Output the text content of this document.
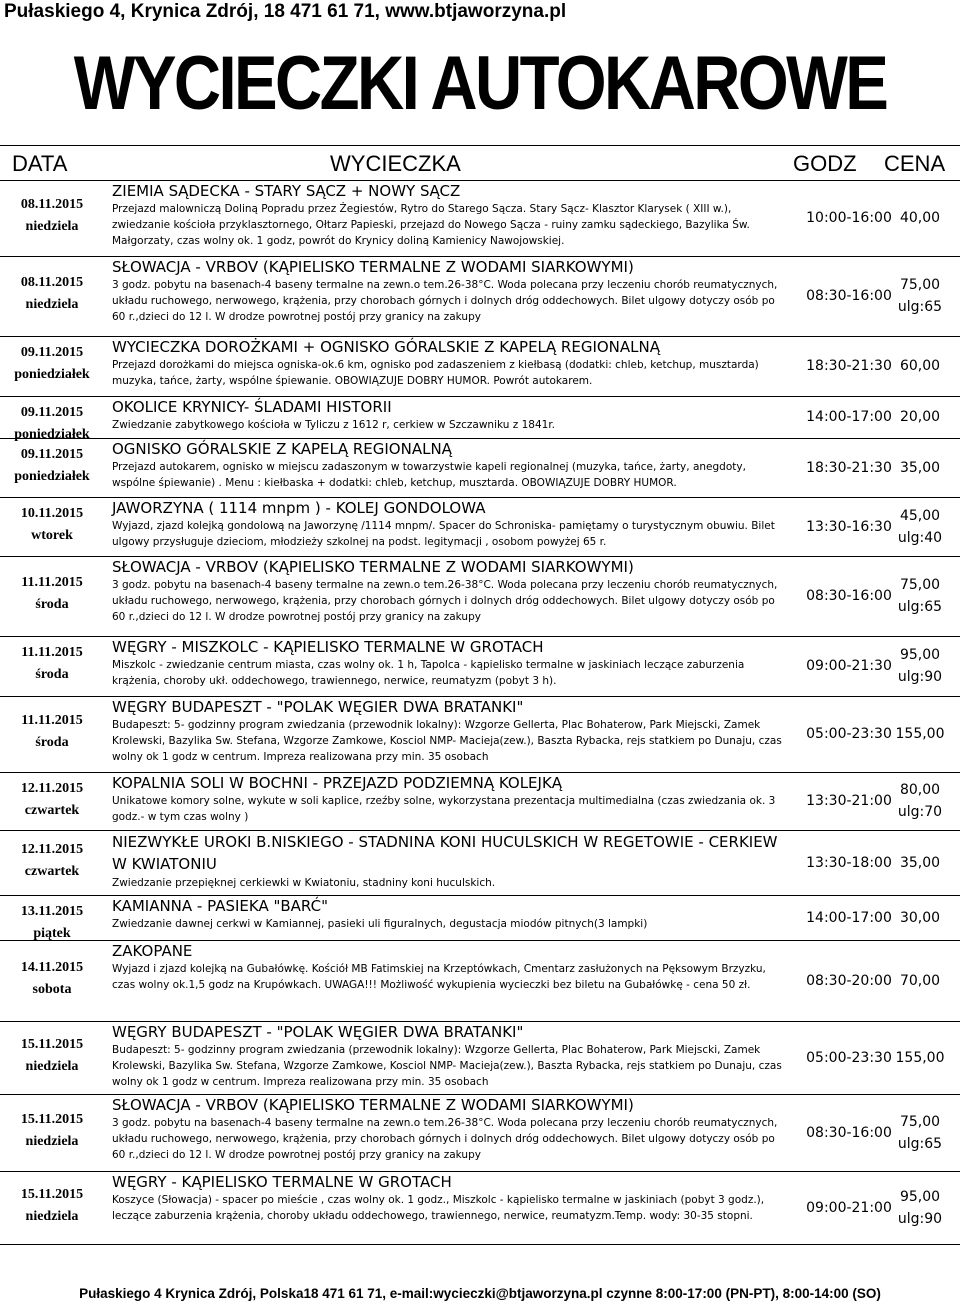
Pułaskiego 4, Krynica Zdrój, 18 471 61 71, www.btjaworzyna.pl
WYCIECZKI AUTOKAROWE
DATA	WYCIECZKA	GODZ CENA
08.11.2015
niedziela
ZIEMIA SĄDECKA - STARY SĄCZ + NOWY SĄCZ
Przejazd malowniczą Doliną Popradu przez Żegiestów, Rytro do Starego Sącza. Stary Sącz- Klasztor Klarysek ( XIII w.), zwiedzanie kościoła przyklasztornego, Ołtarz Papieski, przejazd do Nowego Sącza - ruiny zamku sądeckiego, Bazylika Św. Małgorzaty, czas wolny ok. 1 godz, powrót do Krynicy doliną Kamienicy Nawojowskiej.
10:00-16:00 40,00
08.11.2015
niedziela
SŁOWACJA - VRBOV (KĄPIELISKO TERMALNE Z WODAMI SIARKOWYMI)
3 godz. pobytu na basenach-4 baseny termalne na zewn.o tem.26-38°C. Woda polecana przy leczeniu chorób reumatycznych, układu ruchowego, nerwowego, krążenia, przy chorobach górnych i dolnych dróg oddechowych. Bilet ulgowy dotyczy osób po 60 r.,dzieci do 12 l. W drodze powrotnej postój przy granicy na zakupy
08:30-16:00
75,00
ulg:65
09.11.2015
poniedziałek
WYCIECZKA DOROŻKAMI + OGNISKO GÓRALSKIE Z KAPELĄ REGIONALNĄ
Przejazd dorożkami do miejsca ogniska-ok.6 km, ognisko pod zadaszeniem z kiełbasą (dodatki: chleb, ketchup, musztarda) muzyka, tańce, żarty, wspólne śpiewanie. OBOWIĄZUJE DOBRY HUMOR. Powrót autokarem.
18:30-21:30 60,00
09.11.2015
poniedziałek
OKOLICE KRYNICY- ŚLADAMI HISTORII
Zwiedzanie zabytkowego kościoła w Tyliczu z 1612 r, cerkiew w Szczawniku z 1841r.	14:00-17:00 20,00
09.11.2015
poniedziałek
OGNISKO GÓRALSKIE Z KAPELĄ REGIONALNĄ
Przejazd autokarem, ognisko w miejscu zadaszonym w towarzystwie kapeli regionalnej (muzyka, tańce, żarty, anegdoty, wspólne śpiewanie) . Menu : kiełbaska + dodatki: chleb, ketchup, musztarda. OBOWIĄZUJE DOBRY HUMOR.
18:30-21:30 35,00
10.11.2015
wtorek
JAWORZYNA ( 1114 mnpm ) - KOLEJ GONDOLOWA
Wyjazd, zjazd kolejką gondolową na Jaworzynę /1114 mnpm/. Spacer do Schroniska- pamiętamy o turystycznym obuwiu. Bilet ulgowy przysługuje dzieciom, młodzieży szkolnej na podst. legitymacji , osobom powyżej 65 r.
13:30-16:30
45,00
ulg:40
11.11.2015
środa
SŁOWACJA - VRBOV (KĄPIELISKO TERMALNE Z WODAMI SIARKOWYMI)
3 godz. pobytu na basenach-4 baseny termalne na zewn.o tem.26-38°C. Woda polecana przy leczeniu chorób reumatycznych, układu ruchowego, nerwowego, krążenia, przy chorobach górnych i dolnych dróg oddechowych. Bilet ulgowy dotyczy osób po 60 r.,dzieci do 12 l. W drodze powrotnej postój przy granicy na zakupy
08:30-16:00
75,00
ulg:65
11.11.2015
środa
WĘGRY - MISZKOLC - KĄPIELISKO TERMALNE W GROTACH
Miszkolc - zwiedzanie centrum miasta, czas wolny ok. 1 h, Tapolca - kąpielisko termalne w jaskiniach leczące zaburzenia krążenia, choroby ukł. oddechowego, trawiennego, nerwice, reumatyzm (pobyt 3 h).
09:00-21:30
95,00
ulg:90
11.11.2015
środa
WĘGRY BUDAPESZT - "POLAK WĘGIER DWA BRATANKI"
Budapeszt: 5- godzinny program zwiedzania (przewodnik lokalny): Wzgorze Gellerta, Plac Bohaterow, Park Miejscki, Zamek Krolewski, Bazylika Sw. Stefana, Wzgorze Zamkowe, Kosciol NMP- Macieja(zew.), Baszta Rybacka, rejs statkiem po Dunaju, czas wolny ok 1 godz w centrum. Impreza realizowana przy min. 35 osobach
05:00-23:30 155,00
12.11.2015
czwartek
KOPALNIA SOLI W BOCHNI - PRZEJAZD PODZIEMNĄ KOLEJKĄ
Unikatowe komory solne, wykute w soli kaplice, rzeźby solne, wykorzystana prezentacja multimedialna (czas zwiedzania ok. 3 godz.- w tym czas wolny )
13:30-21:00
80,00
ulg:70
12.11.2015
czwartek
NIEZWYKŁE UROKI B.NISKIEGO - STADNINA KONI HUCULSKICH W REGETOWIE - CERKIEW W KWIATONIU
Zwiedzanie przepięknej cerkiewki w Kwiatoniu, stadniny koni huculskich.
13:30-18:00 35,00
13.11.2015
piątek
KAMIANNA - PASIEKA "BARĆ"
Zwiedzanie dawnej cerkwi w Kamiannej, pasieki uli figuralnych, degustacja miodów pitnych(3 lampki)	14:00-17:00 30,00
14.11.2015
sobota
ZAKOPANE
Wyjazd i zjazd kolejką na Gubałówkę. Kościół MB Fatimskiej na Krzeptówkach, Cmentarz zasłużonych na Pęksowym Brzyzku, czas wolny ok.1,5 godz na Krupówkach. UWAGA!!! Możliwość wykupienia wycieczki bez biletu na Gubałówkę - cena 50 zł.	08:30-20:00 70,00
15.11.2015
niedziela
WĘGRY BUDAPESZT - "POLAK WĘGIER DWA BRATANKI"
Budapeszt: 5- godzinny program zwiedzania (przewodnik lokalny): Wzgorze Gellerta, Plac Bohaterow, Park Miejscki, Zamek Krolewski, Bazylika Sw. Stefana, Wzgorze Zamkowe, Kosciol NMP- Macieja(zew.), Baszta Rybacka, rejs statkiem po Dunaju, czas wolny ok 1 godz w centrum. Impreza realizowana przy min. 35 osobach
05:00-23:30 155,00
15.11.2015
niedziela
SŁOWACJA - VRBOV (KĄPIELISKO TERMALNE Z WODAMI SIARKOWYMI)
3 godz. pobytu na basenach-4 baseny termalne na zewn.o tem.26-38°C. Woda polecana przy leczeniu chorób reumatycznych, układu ruchowego, nerwowego, krążenia, przy chorobach górnych i dolnych dróg oddechowych. Bilet ulgowy dotyczy osób po 60 r.,dzieci do 12 l. W drodze powrotnej postój przy granicy na zakupy
08:30-16:00
75,00
ulg:65
15.11.2015
niedziela
WĘGRY - KĄPIELISKO TERMALNE W GROTACH
Koszyce (Słowacja) - spacer po mieście , czas wolny ok. 1 godz., Miszkolc - kąpielisko termalne w jaskiniach (pobyt 3 godz.), leczące zaburzenia krążenia, choroby układu oddechowego, trawiennego, nerwice, reumatyzm.Temp. wody: 30-35 stopni.
09:00-21:00
95,00
ulg:90
Pułaskiego 4 Krynica Zdrój, Polska18 471 61 71, e-mail:wycieczki@btjaworzyna.pl czynne 8:00-17:00 (PN-PT), 8:00-14:00 (SO)
